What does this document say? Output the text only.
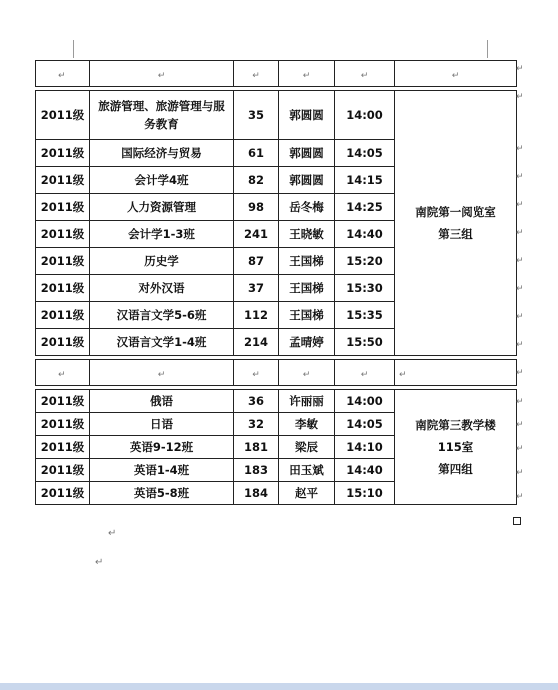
↵	↵	↵	↵	↵	↵

2011级	旅游管理、旅游管理与服务教育	35	郭圆圆	14:00	南院第一阅览室
第三组

2011级	国际经济与贸易	61	郭圆圆	14:05	
2011级	会计学4班	82	郭圆圆	14:15	
2011级	人力资源管理	98	岳冬梅	14:25	
2011级	会计学1-3班	241	王晓敏	14:40	
2011级	历史学	87	王国梯	15:20	
2011级	对外汉语	37	王国梯	15:30	
2011级	汉语言文学5-6班	112	王国梯	15:35	
2011级	汉语言文学1-4班	214	孟晴婷	15:50	

↵	↵	↵	↵	↵	↵

2011级	俄语	36	许丽丽	14:00	南院第三教学楼
115室
第四组

2011级	日语	32	李敏	14:05	
2011级	英语9-12班	181	梁辰	14:10	
2011级	英语1-4班	183	田玉斌	14:40	
2011级	英语5-8班	184	赵平	15:10	
↵
↵
↵
↵
↵
↵
↵
↵
↵
↵
↵
↵
↵
↵
↵
↵
↵
↵
